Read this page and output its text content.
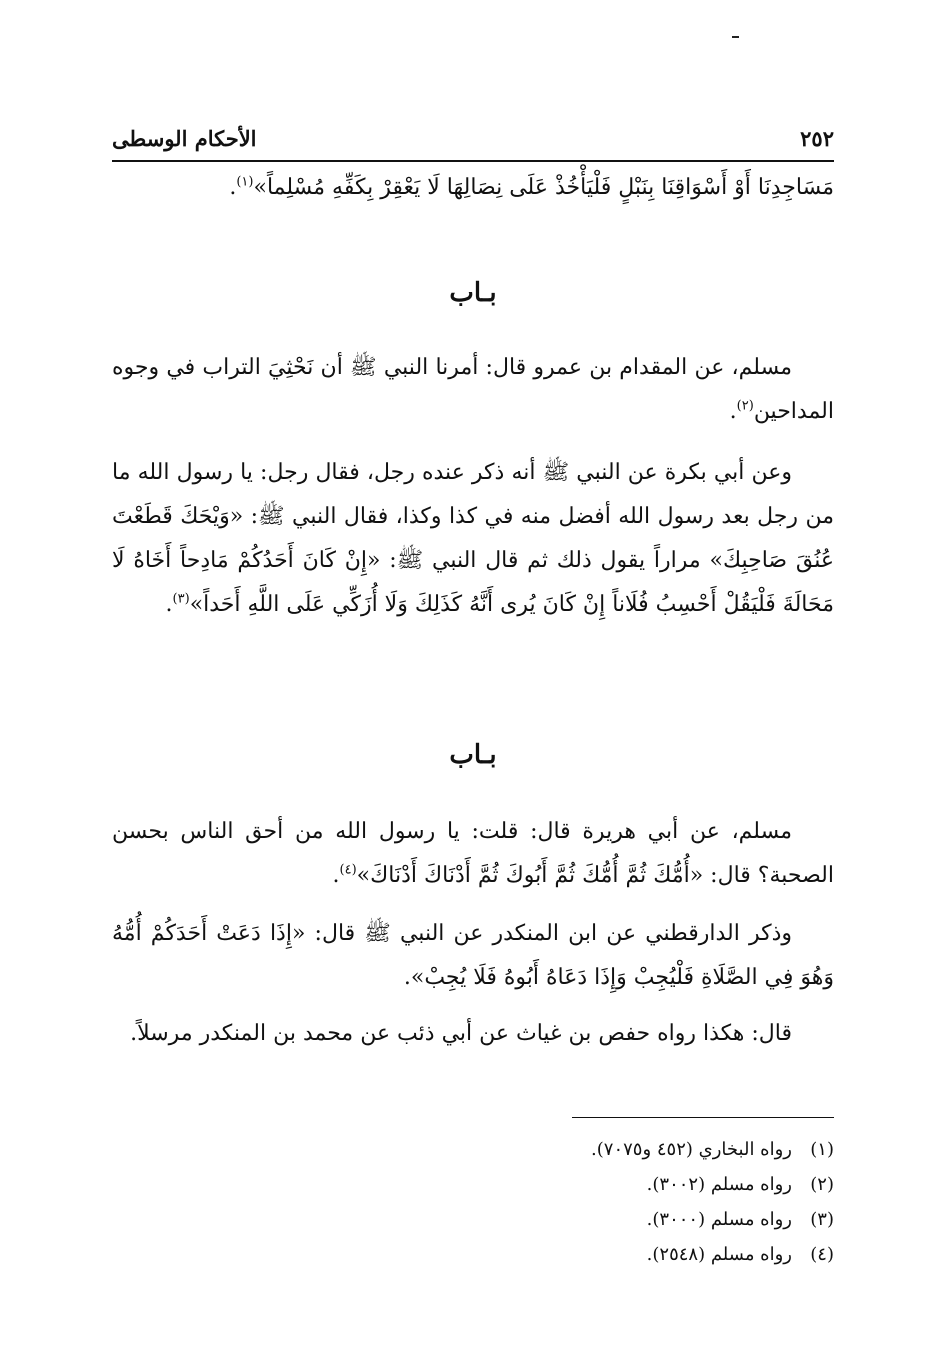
٢٥٢
الأحكام الوسطى
مَسَاجِدِنَا أَوْ أَسْوَاقِنَا بِنَبْلٍ فَلْيَأْخُذْ عَلَى نِصَالِهَا لَا يَعْقِرْ بِكَفِّهِ مُسْلِماً»$^{(١)}$.
بـاب
مسلم، عن المقدام بن عمرو قال: أمرنا النبي ﷺ أن نَحْثِيَ التراب في وجوه المداحين$^{(٢)}$.
وعن أبي بكرة عن النبي ﷺ أنه ذكر عنده رجل، فقال رجل: يا رسول الله ما من رجل بعد رسول الله أفضل منه في كذا وكذا، فقال النبي ﷺ: «وَيْحَكَ قَطَعْتَ عُنُقَ صَاحِبِكَ» مراراً يقول ذلك ثم قال النبي ﷺ: «إِنْ كَانَ أَحَدُكُمْ مَادِحاً أَخَاهُ لَا مَحَالَةَ فَلْيَقُلْ أَحْسِبُ فُلَاناً إِنْ كَانَ يُرى أَنَّهُ كَذَلِكَ وَلَا أُزَكِّي عَلَى اللَّهِ أَحَداً»$^{(٣)}$.
بـاب
مسلم، عن أبي هريرة قال: قلت: يا رسول الله من أحق الناس بحسن الصحبة؟ قال: «أُمُّكَ ثُمَّ أُمُّكَ ثُمَّ أَبُوكَ ثُمَّ أَدْنَاكَ أَدْنَاكَ»$^{(٤)}$.
وذكر الدارقطني عن ابن المنكدر عن النبي ﷺ قال: «إِذَا دَعَتْ أَحَدَكُمْ أُمُّهُ وَهُوَ فِي الصَّلَاةِ فَلْيُجِبْ وَإِذَا دَعَاهُ أَبُوهُ فَلَا يُجِبْ».
قال: هكذا رواه حفص بن غياث عن أبي ذئب عن محمد بن المنكدر مرسلاً.
(١)
رواه البخاري (٤٥٢ و٧٠٧٥).
(٢)
رواه مسلم (٣٠٠٢).
(٣)
رواه مسلم (٣٠٠٠).
(٤)
رواه مسلم (٢٥٤٨).
